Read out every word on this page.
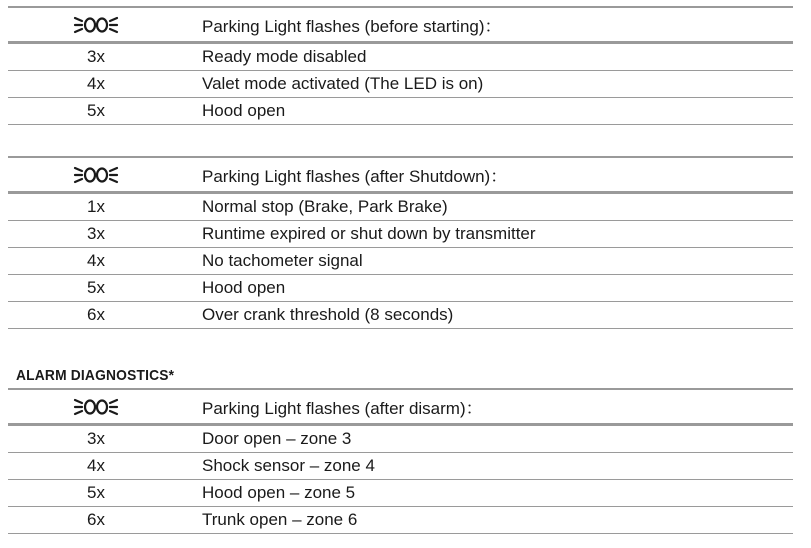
Parking Light flashes (before starting)：
3x	Ready mode disabled
4x	Valet mode activated (The LED is on)
5x	Hood open
Parking Light flashes (after Shutdown)：
1x	Normal stop (Brake, Park Brake)
3x	Runtime expired or shut down by transmitter
4x	No tachometer signal
5x	Hood open
6x	Over crank threshold (8 seconds)
ALARM DIAGNOSTICS*
Parking Light flashes (after disarm)：
3x	Door open – zone 3
4x	Shock sensor – zone 4
5x	Hood open – zone 5
6x	Trunk open – zone 6
